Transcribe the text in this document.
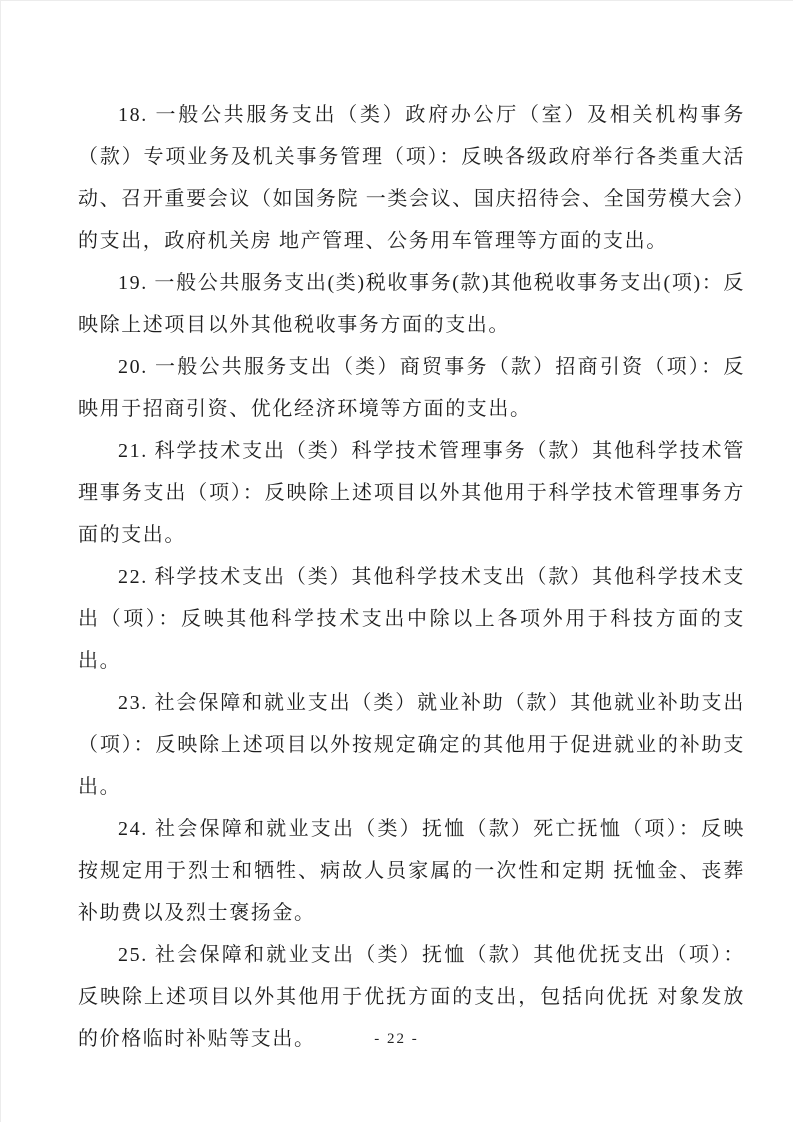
18. 一般公共服务支出（类）政府办公厅（室）及相关机构事务（款）专项业务及机关事务管理（项）：反映各级政府举行各类重大活动、召开重要会议（如国务院 一类会议、国庆招待会、全国劳模大会）的支出，政府机关房 地产管理、公务用车管理等方面的支出。

19. 一般公共服务支出(类)税收事务(款)其他税收事务支出(项)：反映除上述项目以外其他税收事务方面的支出。

20. 一般公共服务支出（类）商贸事务（款）招商引资（项）：反映用于招商引资、优化经济环境等方面的支出。

21. 科学技术支出（类）科学技术管理事务（款）其他科学技术管理事务支出（项）：反映除上述项目以外其他用于科学技术管理事务方面的支出。

22. 科学技术支出（类）其他科学技术支出（款）其他科学技术支出（项）：反映其他科学技术支出中除以上各项外用于科技方面的支出。

23. 社会保障和就业支出（类）就业补助（款）其他就业补助支出（项）：反映除上述项目以外按规定确定的其他用于促进就业的补助支出。

24. 社会保障和就业支出（类）抚恤（款）死亡抚恤（项）：反映按规定用于烈士和牺牲、病故人员家属的一次性和定期 抚恤金、丧葬补助费以及烈士褒扬金。

25. 社会保障和就业支出（类）抚恤（款）其他优抚支出（项）：反映除上述项目以外其他用于优抚方面的支出，包括向优抚 对象发放的价格临时补贴等支出。	- 22 -
